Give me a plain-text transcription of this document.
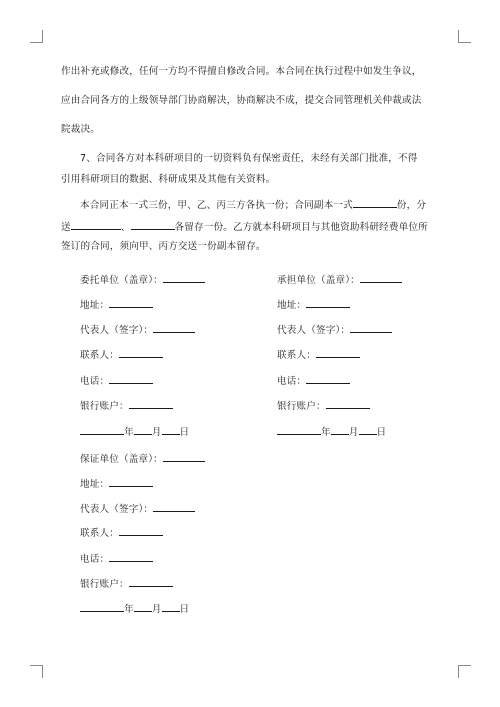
作出补充或修改，任何一方均不得擅自修改合同。本合同在执行过程中如发生争议，
应由合同各方的上级领导部门协商解决，协商解决不成，提交合同管理机关仲裁或法
院裁决。
7、合同各方对本科研项目的一切资料负有保密责任，未经有关部门批准，不得
引用科研项目的数据、科研成果及其他有关资料。
本合同正本一式三份，甲、乙、丙三方各执一份；合同副本一式	份，分
送	、	各留存一份。乙方就本科研项目与其他资助科研经费单位所
签订的合同，须向甲、丙方交送一份副本留存。
委托单位（盖章）：
地址：
代表人（签字）：
联系人：
电话：
银行账户：
年 月 日
承担单位（盖章）：
地址：
代表人（签字）：
联系人：
电话：
银行账户：
年 月 日
保证单位（盖章）：
地址：
代表人（签字）：
联系人：
电话：
银行账户：
年 月 日
